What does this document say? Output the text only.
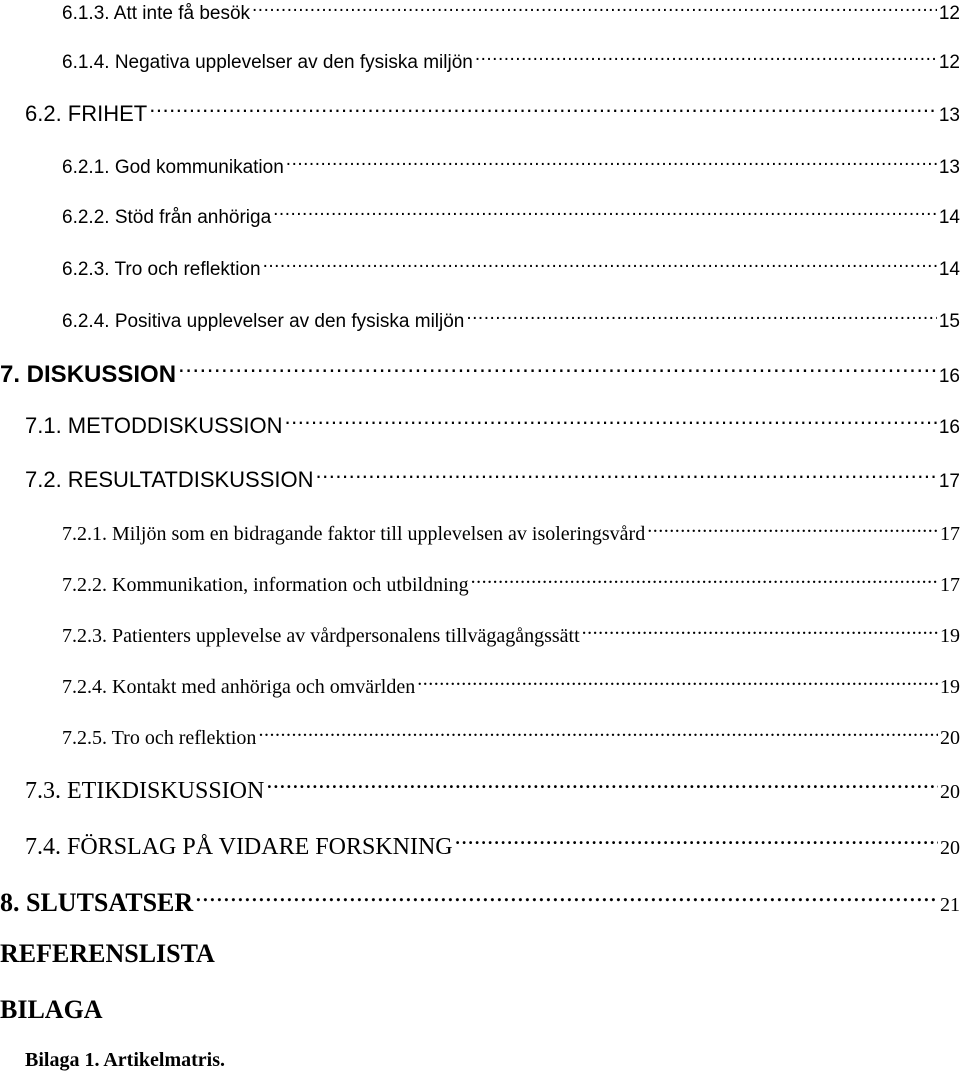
6.1.3. Att inte få besök .....	12
6.1.4. Negativa upplevelser av den fysiska miljön .....	12
6.2. FRIHET .....	13
6.2.1. God kommunikation .....	13
6.2.2. Stöd från anhöriga .....	14
6.2.3. Tro och reflektion .....	14
6.2.4. Positiva upplevelser av den fysiska miljön .....	15
7. DISKUSSION .....	16
7.1. METODDISKUSSION .....	16
7.2. RESULTATDISKUSSION .....	17
7.2.1. Miljön som en bidragande faktor till upplevelsen av isoleringsvård .....	17
7.2.2. Kommunikation, information och utbildning .....	17
7.2.3. Patienters upplevelse av vårdpersonalens tillvägagångssätt .....	19
7.2.4. Kontakt med anhöriga och omvärlden .....	19
7.2.5. Tro och reflektion .....	20
7.3. ETIKDISKUSSION .....	20
7.4. FÖRSLAG PÅ VIDARE FORSKNING .....	20
8. SLUTSATSER .....	21
REFERENSLISTA
BILAGA
Bilaga 1. Artikelmatris.
